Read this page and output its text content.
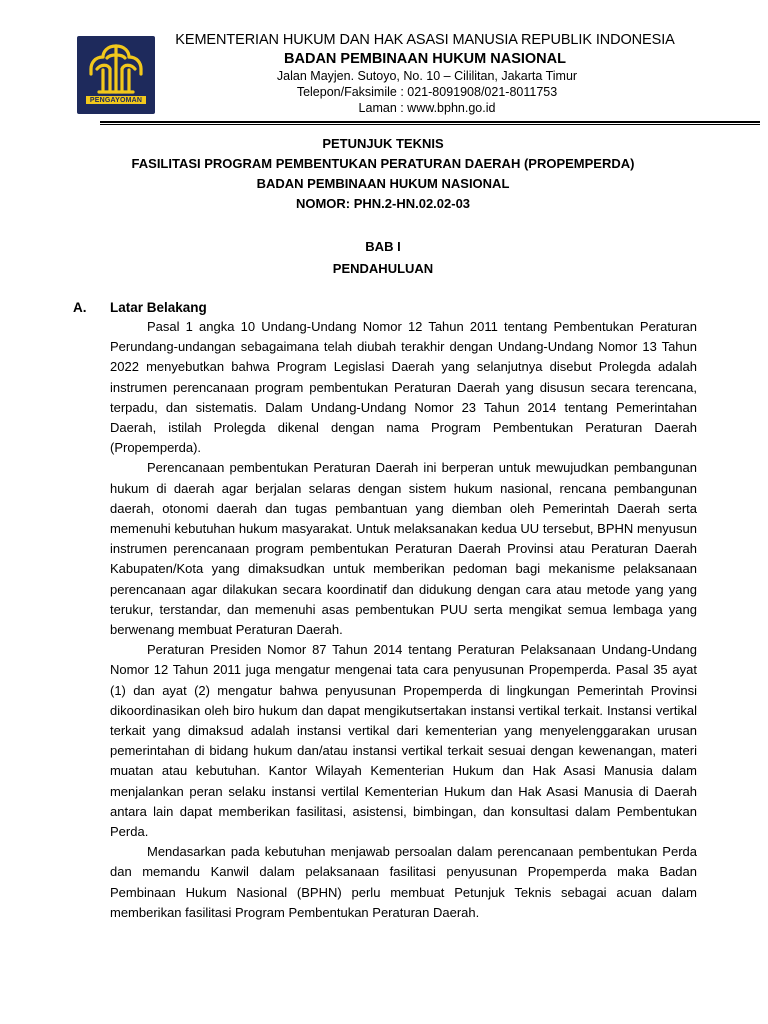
PENGAYOMAN
KEMENTERIAN HUKUM DAN HAK ASASI MANUSIA REPUBLIK INDONESIA
BADAN PEMBINAAN HUKUM NASIONAL
Jalan Mayjen. Sutoyo, No. 10 – Cililitan, Jakarta Timur
Telepon/Faksimile : 021-8091908/021-8011753
Laman : www.bphn.go.id
PETUNJUK TEKNIS
FASILITASI PROGRAM PEMBENTUKAN PERATURAN DAERAH (PROPEMPERDA)
BADAN PEMBINAAN HUKUM NASIONAL
NOMOR: PHN.2-HN.02.02-03
BAB I
PENDAHULUAN
A. Latar Belakang

Pasal 1 angka 10 Undang-Undang Nomor 12 Tahun 2011 tentang Pembentukan Peraturan Perundang-undangan sebagaimana telah diubah terakhir dengan Undang-Undang Nomor 13 Tahun 2022 menyebutkan bahwa Program Legislasi Daerah yang selanjutnya disebut Prolegda adalah instrumen perencanaan program pembentukan Peraturan Daerah yang disusun secara terencana, terpadu, dan sistematis. Dalam Undang-Undang Nomor 23 Tahun 2014 tentang Pemerintahan Daerah, istilah Prolegda dikenal dengan nama Program Pembentukan Peraturan Daerah (Propemperda).

Perencanaan pembentukan Peraturan Daerah ini berperan untuk mewujudkan pembangunan hukum di daerah agar berjalan selaras dengan sistem hukum nasional, rencana pembangunan daerah, otonomi daerah dan tugas pembantuan yang diemban oleh Pemerintah Daerah serta memenuhi kebutuhan hukum masyarakat. Untuk melaksanakan kedua UU tersebut, BPHN menyusun instrumen perencanaan program pembentukan Peraturan Daerah Provinsi atau Peraturan Daerah Kabupaten/Kota yang dimaksudkan untuk memberikan pedoman bagi mekanisme pelaksanaan perencanaan agar dilakukan secara koordinatif dan didukung dengan cara atau metode yang yang terukur, terstandar, dan memenuhi asas pembentukan PUU serta mengikat semua lembaga yang berwenang membuat Peraturan Daerah.

Peraturan Presiden Nomor 87 Tahun 2014 tentang Peraturan Pelaksanaan Undang-Undang Nomor 12 Tahun 2011 juga mengatur mengenai tata cara penyusunan Propemperda. Pasal 35 ayat (1) dan ayat (2) mengatur bahwa penyusunan Propemperda di lingkungan Pemerintah Provinsi dikoordinasikan oleh biro hukum dan dapat mengikutsertakan instansi vertikal terkait. Instansi vertikal terkait yang dimaksud adalah instansi vertikal dari kementerian yang menyelenggarakan urusan pemerintahan di bidang hukum dan/atau instansi vertikal terkait sesuai dengan kewenangan, materi muatan atau kebutuhan. Kantor Wilayah Kementerian Hukum dan Hak Asasi Manusia dalam menjalankan peran selaku instansi vertilal Kementerian Hukum dan Hak Asasi Manusia di Daerah antara lain dapat memberikan fasilitasi, asistensi, bimbingan, dan konsultasi dalam Pembentukan Perda.

Mendasarkan pada kebutuhan menjawab persoalan dalam perencanaan pembentukan Perda dan memandu Kanwil dalam pelaksanaan fasilitasi penyusunan Propemperda maka Badan Pembinaan Hukum Nasional (BPHN) perlu membuat Petunjuk Teknis sebagai acuan dalam memberikan fasilitasi Program Pembentukan Peraturan Daerah.
